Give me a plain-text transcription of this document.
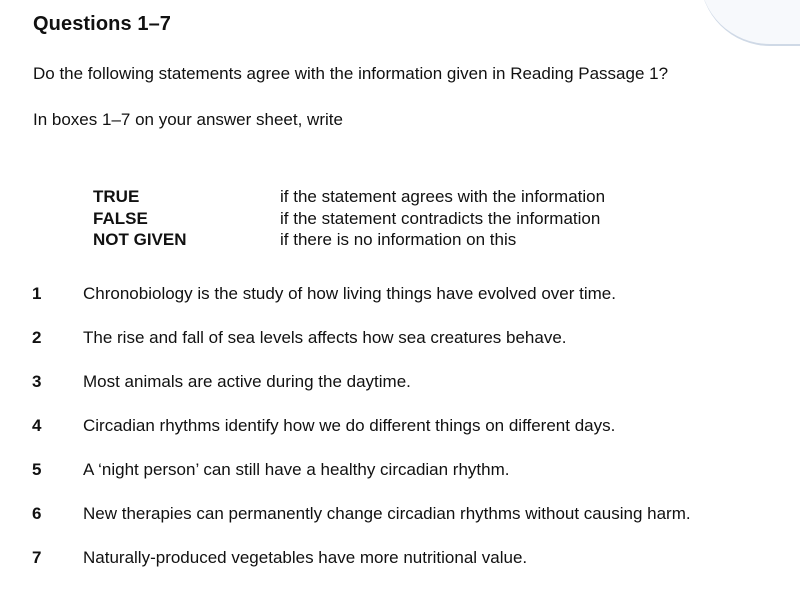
Questions 1–7
Do the following statements agree with the information given in Reading Passage 1?
In boxes 1–7 on your answer sheet, write
TRUE	if the statement agrees with the information
FALSE	if the statement contradicts the information
NOT GIVEN	if there is no information on this
1	Chronobiology is the study of how living things have evolved over time.
2	The rise and fall of sea levels affects how sea creatures behave.
3	Most animals are active during the daytime.
4	Circadian rhythms identify how we do different things on different days.
5	A ‘night person’ can still have a healthy circadian rhythm.
6	New therapies can permanently change circadian rhythms without causing harm.
7	Naturally-produced vegetables have more nutritional value.
